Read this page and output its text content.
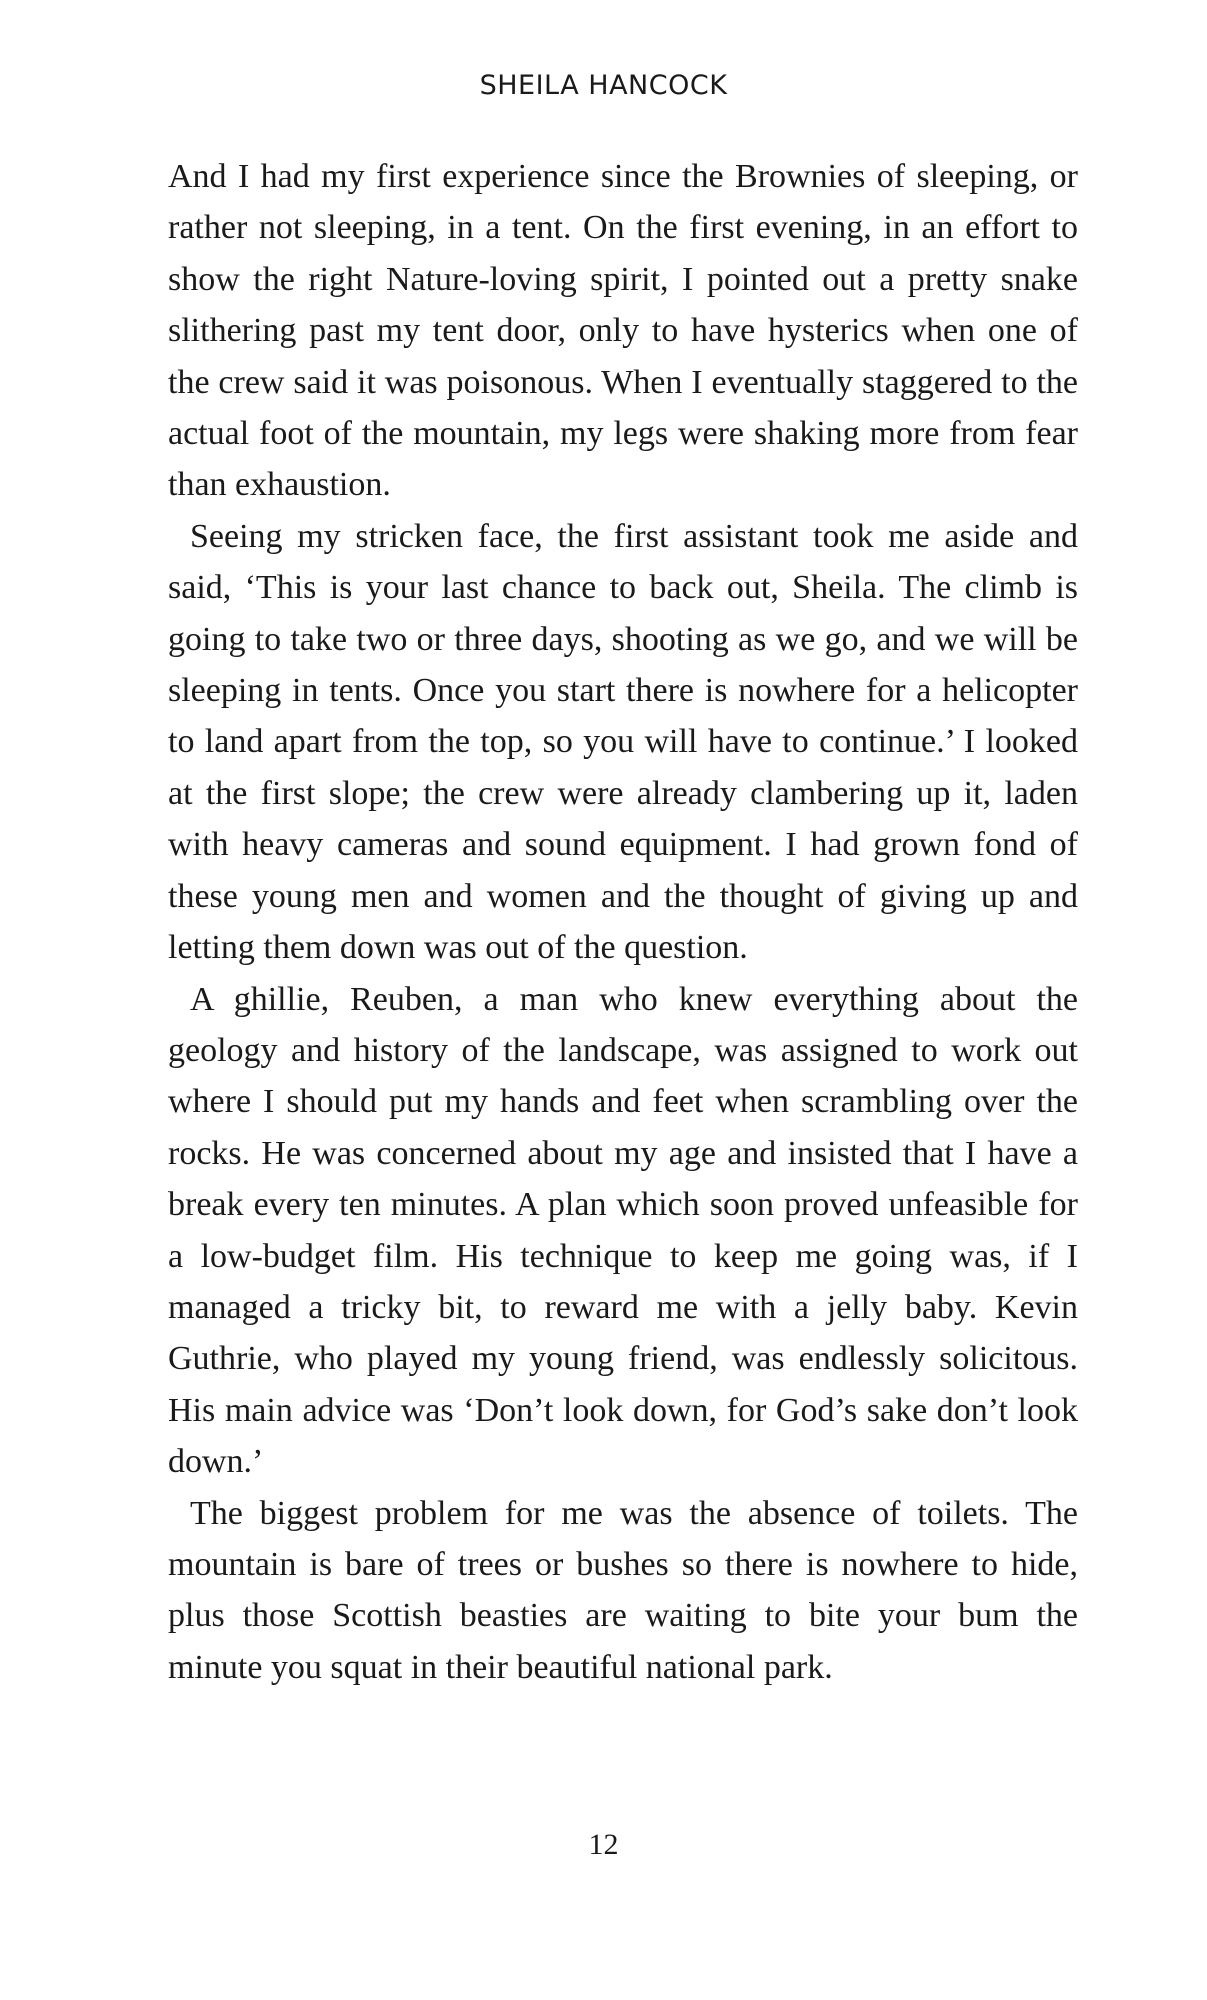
SHEILA HANCOCK

And I had my first experience since the Brownies of sleeping, or rather not sleeping, in a tent. On the first evening, in an effort to show the right Nature-loving spirit, I pointed out a pretty snake slithering past my tent door, only to have hysterics when one of the crew said it was poisonous. When I eventually staggered to the actual foot of the mountain, my legs were shaking more from fear than exhaustion.

Seeing my stricken face, the first assistant took me aside and said, ‘This is your last chance to back out, Sheila. The climb is going to take two or three days, shooting as we go, and we will be sleeping in tents. Once you start there is nowhere for a helicopter to land apart from the top, so you will have to continue.’ I looked at the first slope; the crew were already clambering up it, laden with heavy cameras and sound equipment. I had grown fond of these young men and women and the thought of giving up and letting them down was out of the question.

A ghillie, Reuben, a man who knew everything about the geology and history of the landscape, was assigned to work out where I should put my hands and feet when scrambling over the rocks. He was concerned about my age and insisted that I have a break every ten minutes. A plan which soon proved unfeasible for a low-budget film. His technique to keep me going was, if I managed a tricky bit, to reward me with a jelly baby. Kevin Guthrie, who played my young friend, was endlessly solicitous. His main advice was ‘Don’t look down, for God’s sake don’t look down.’

The biggest problem for me was the absence of toilets. The mountain is bare of trees or bushes so there is nowhere to hide, plus those Scottish beasties are waiting to bite your bum the minute you squat in their beautiful national park.

12
